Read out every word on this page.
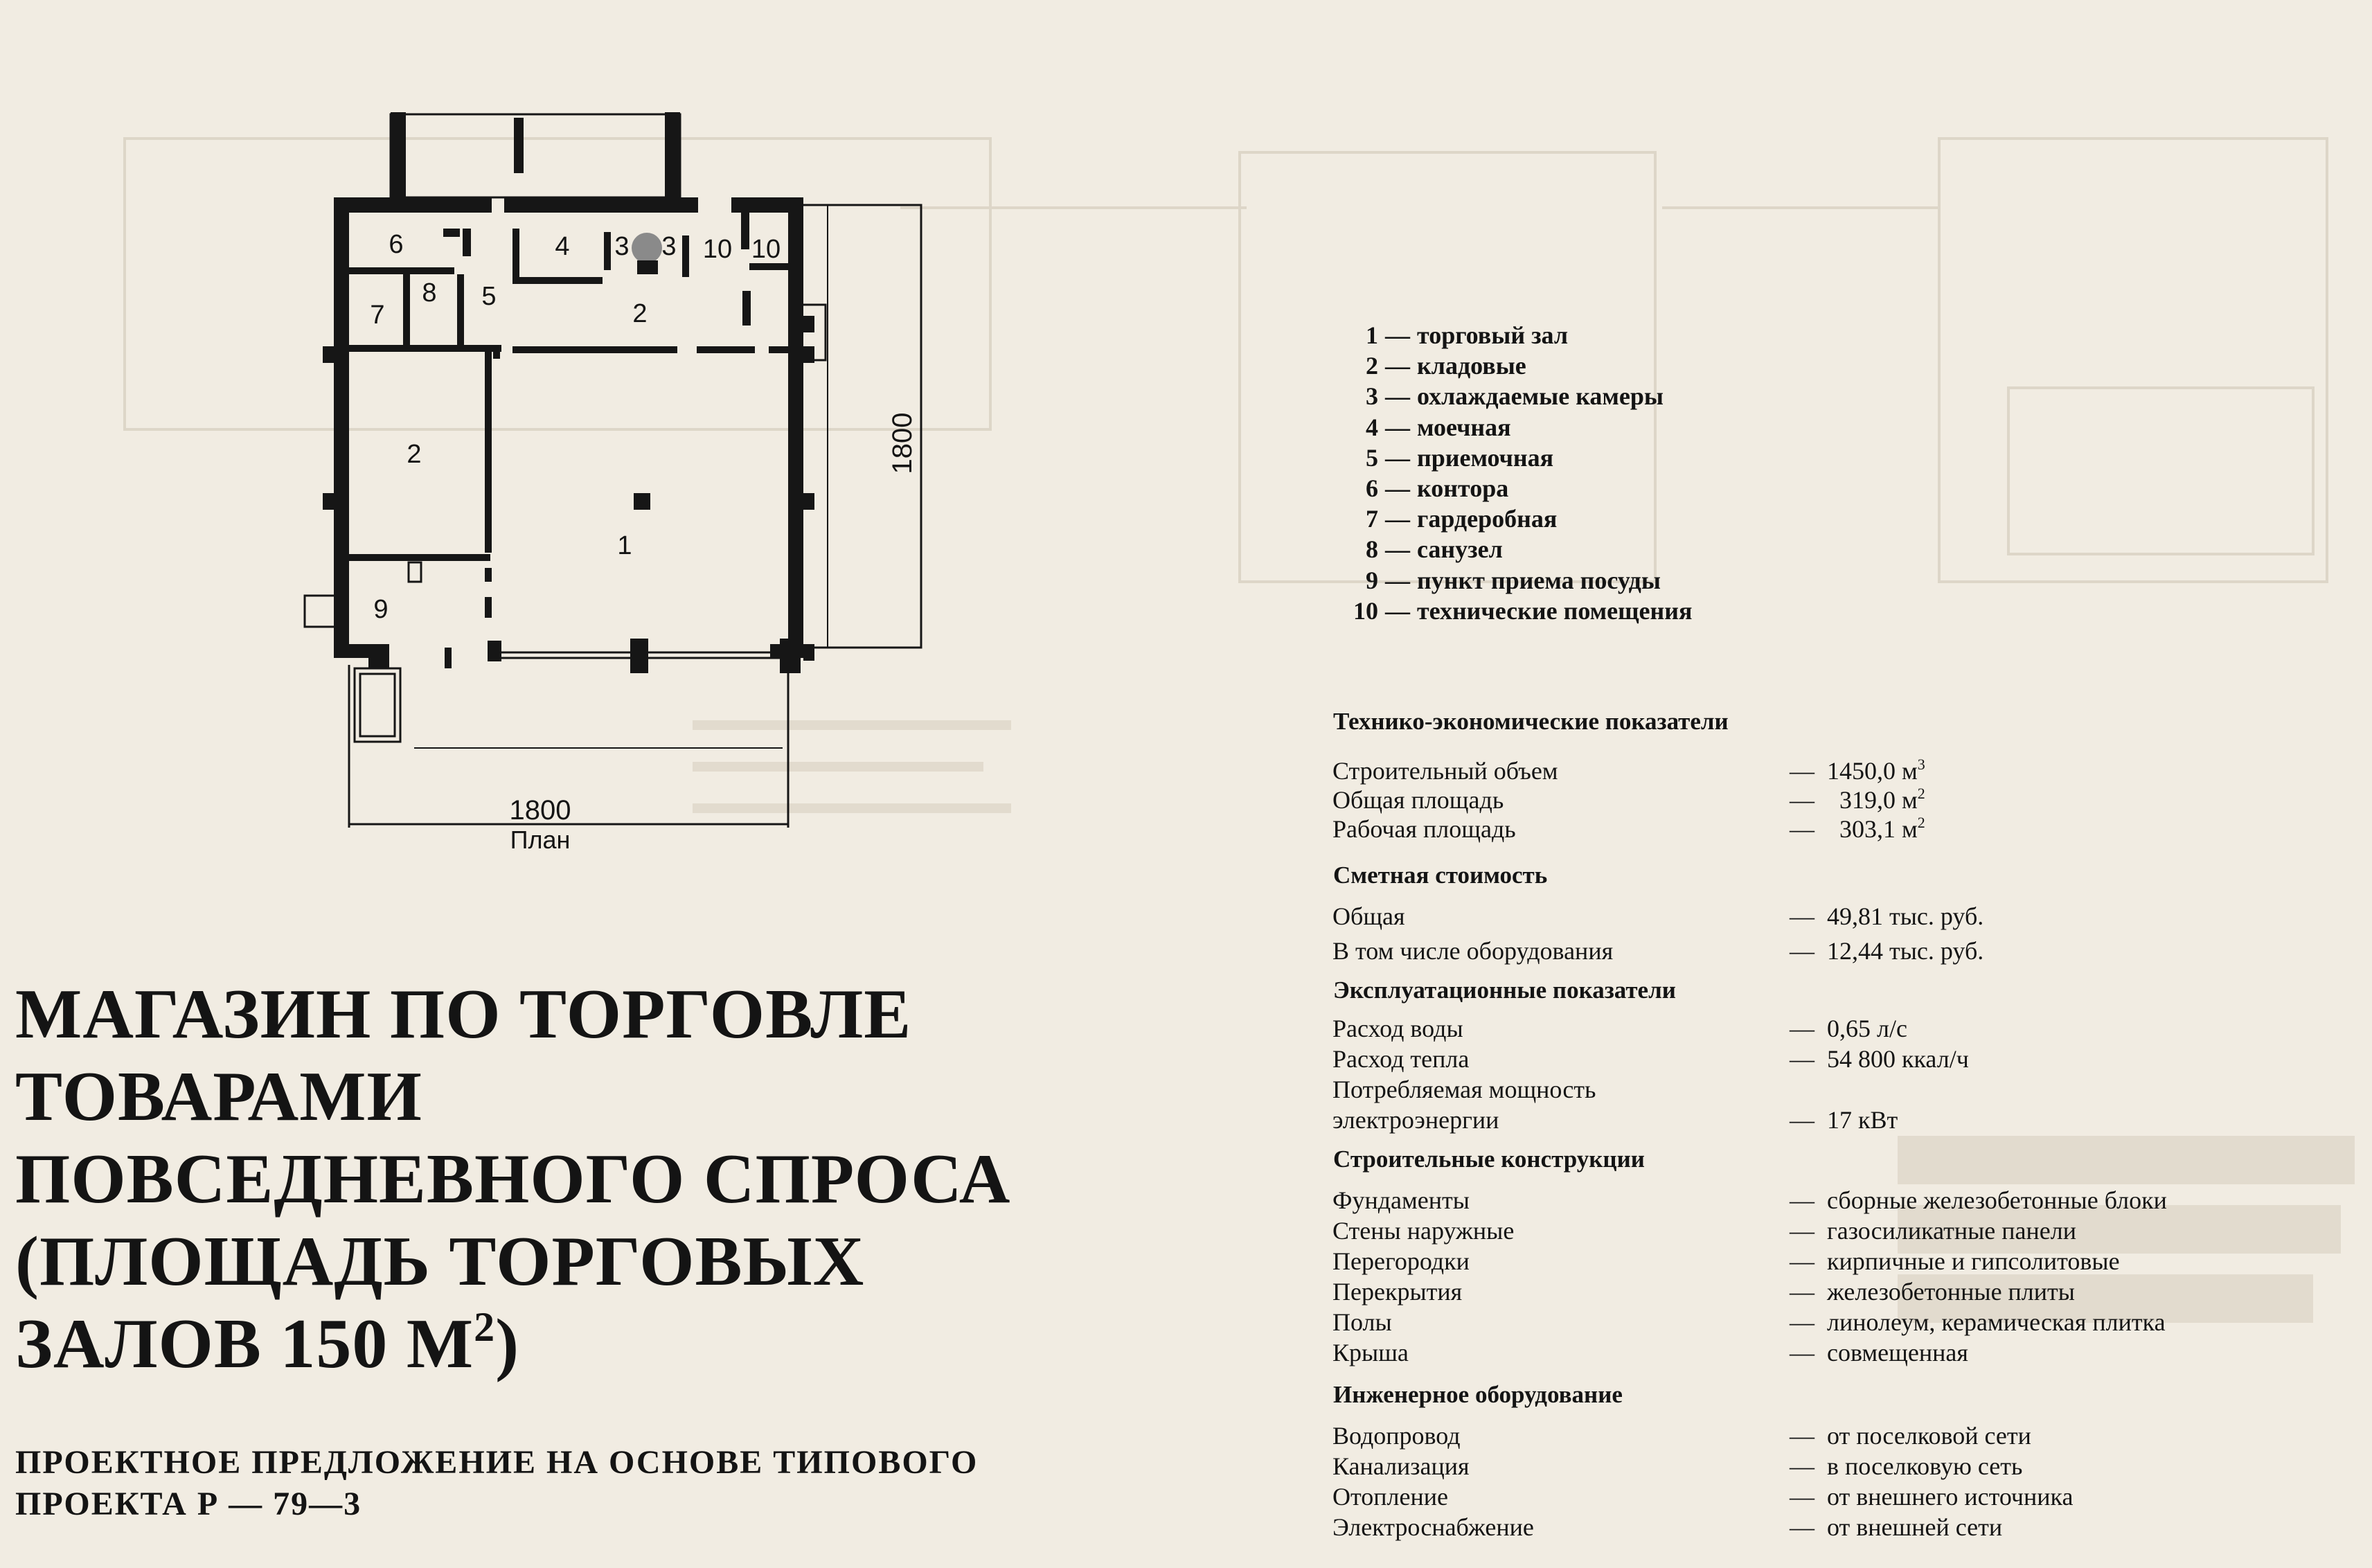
6	4 3 3 10 10
8 5
7	2
2
1
9
1800
1800
План
1 — торговый зал
2 — кладовые
3 — охлаждаемые камеры
4 — моечная
5 — приемочная
6 — контора
7 — гардеробная
8 — санузел
9 — пункт приема посуды
10 — технические помещения
МАГАЗИН ПО ТОРГОВЛЕ
ТОВАРАМИ
ПОВСЕДНЕВНОГО СПРОСА
(ПЛОЩАДЬ ТОРГОВЫХ
ЗАЛОВ 150 $М^2$)
ПРОЕКТНОЕ ПРЕДЛОЖЕНИЕ НА ОСНОВЕ ТИПОВОГО
ПРОЕКТА Р — 79—3
Технико-экономические показатели
Строительный объем	—  1450,0 $м^3$
Общая площадь	—    319,0 $м^2$
Рабочая площадь	—    303,1 $м^2$
Сметная стоимость
Общая	—  49,81 тыс. руб.
В том числе оборудования	—  12,44 тыс. руб.
Эксплуатационные показатели
Расход воды	—  0,65 л/с
Расход тепла	—  54 800 ккал/ч
Потребляемая мощность
электроэнергии	—  17 кВт
Строительные конструкции
Фундаменты	—  сборные железобетонные блоки
Стены наружные	—  газосиликатные панели
Перегородки	—  кирпичные и гипсолитовые
Перекрытия	—  железобетонные плиты
Полы	—  линолеум, керамическая плитка
Крыша	—  совмещенная
Инженерное оборудование
Водопровод	—  от поселковой сети
Канализация	—  в поселковую сеть
Отопление	—  от внешнего источника
Электроснабжение	—  от внешней сети
